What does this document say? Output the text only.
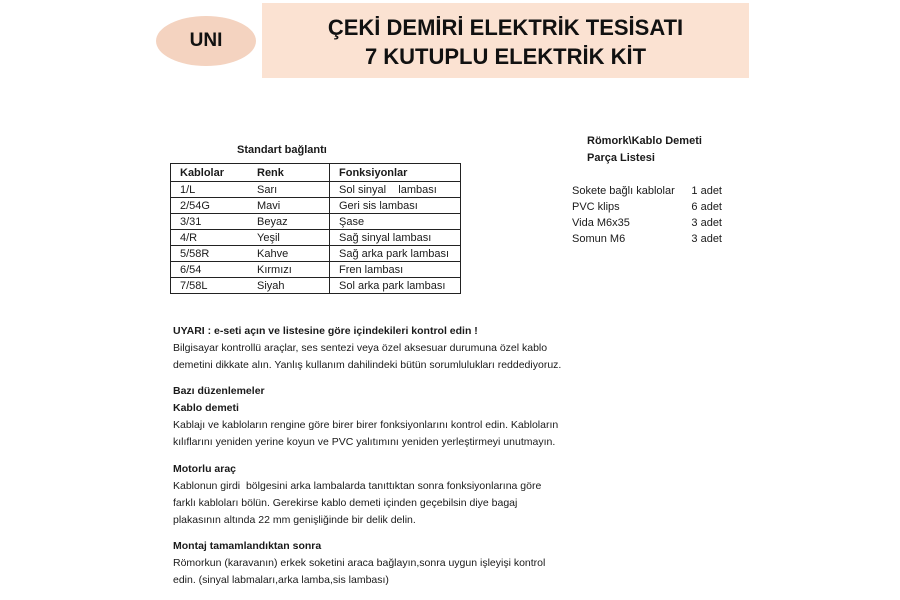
UNI
ÇEKİ DEMİRİ ELEKTRİK TESİSATI
7 KUTUPLU ELEKTRİK KİT
Standart bağlantı
Kablolar	Renk	Fonksiyonlar
1/L	Sarı	Sol sinyal    lambası
2/54G	Mavi	Geri sis lambası
3/31	Beyaz	Şase
4/R	Yeşil	Sağ sinyal lambası
5/58R	Kahve	Sağ arka park lambası
6/54	Kırmızı	Fren lambası
7/58L	Siyah	Sol arka park lambası
Römork\Kablo Demeti
Parça Listesi
Sokete bağlı kablolar 1 adet
PVC klips	6 adet
Vida M6x35	3 adet
Somun M6	3 adet
UYARI : e-seti açın ve listesine göre içindekileri kontrol edin !
Bilgisayar kontrollü araçlar, ses sentezi veya özel aksesuar durumuna özel kablo
demetini dikkate alın. Yanlış kullanım dahilindeki bütün sorumlulukları reddediyoruz.
Bazı düzenlemeler
Kablo demeti
Kablajı ve kabloların rengine göre birer birer fonksiyonlarını kontrol edin. Kabloların
kılıflarını yeniden yerine koyun ve PVC yalıtımını yeniden yerleştirmeyi unutmayın.
Motorlu araç
Kablonun girdi  bölgesini arka lambalarda tanıttıktan sonra fonksiyonlarına göre
farklı kabloları bölün. Gerekirse kablo demeti içinden geçebilsin diye bagaj
plakasının altında 22 mm genişliğinde bir delik delin.
Montaj tamamlandıktan sonra
Römorkun (karavanın) erkek soketini araca bağlayın,sonra uygun işleyişi kontrol
edin. (sinyal labmaları,arka lamba,sis lambası)
